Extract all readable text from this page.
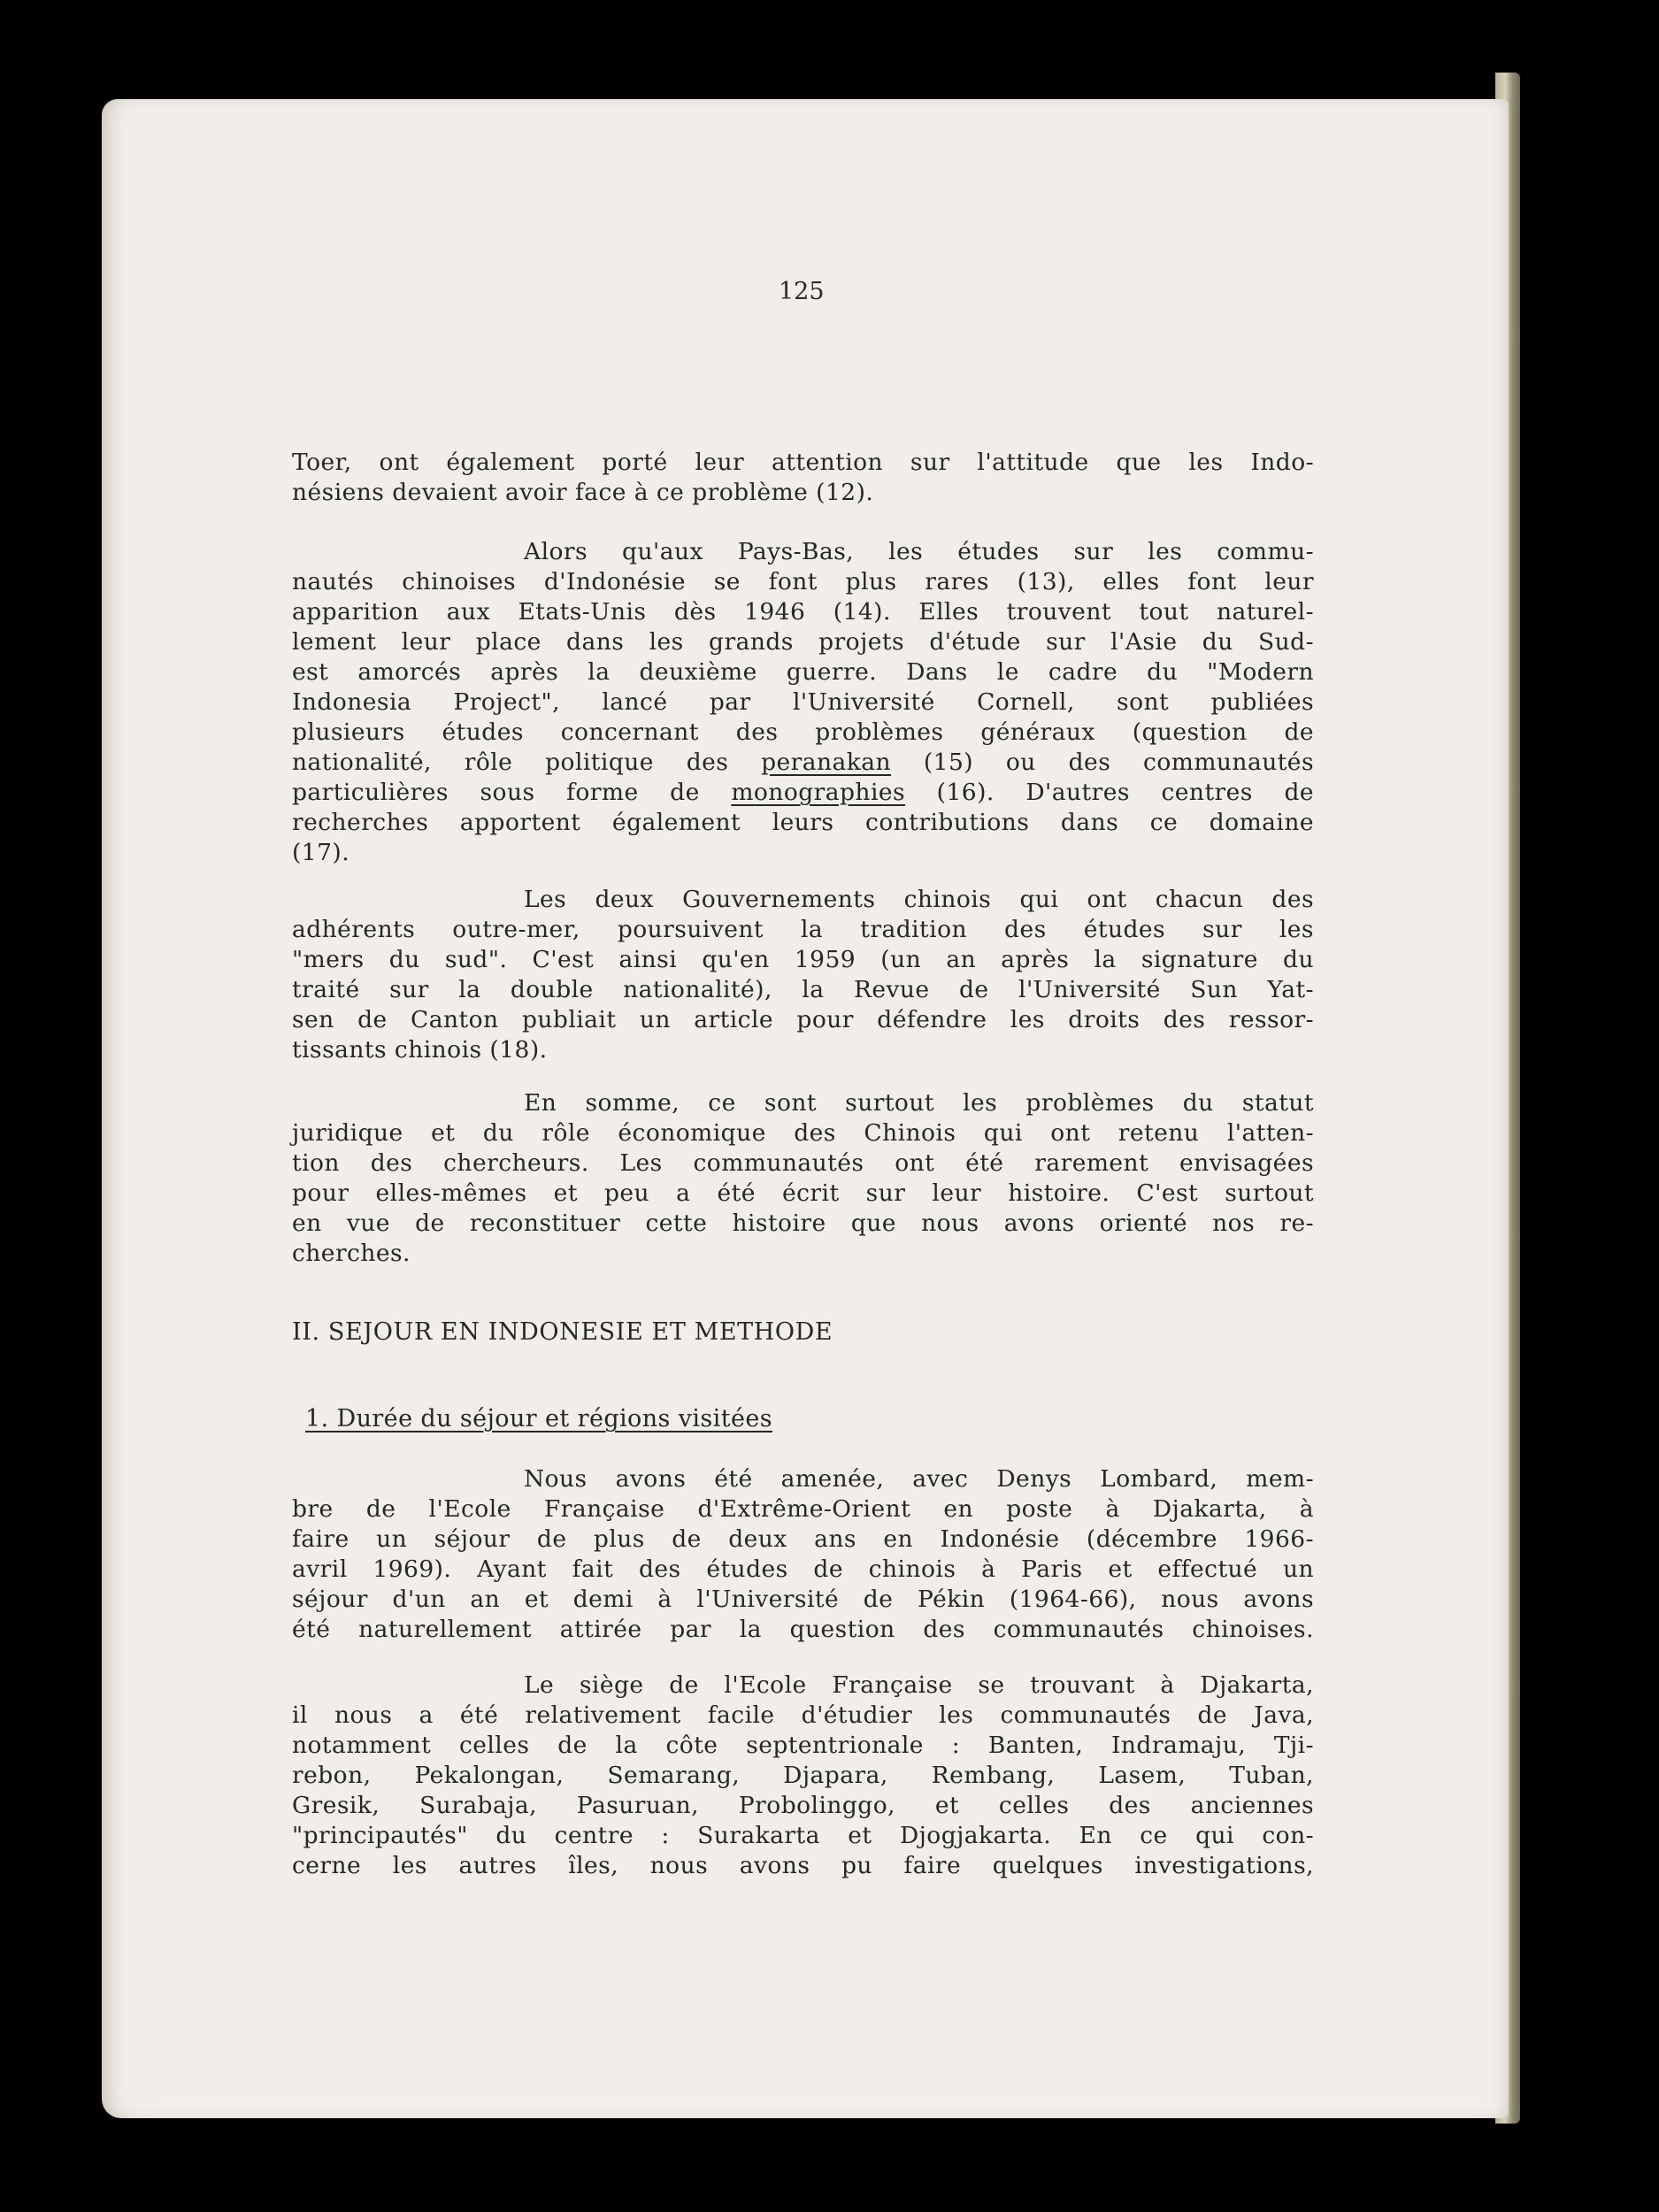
125
Toer, ont également porté leur attention sur l'attitude que les Indo-
nésiens devaient avoir face à ce problème (12).
Alors qu'aux Pays-Bas, les études sur les commu-
nautés chinoises d'Indonésie se font plus rares (13), elles font leur
apparition aux Etats-Unis dès 1946 (14). Elles trouvent tout naturel-
lement leur place dans les grands projets d'étude sur l'Asie du Sud-
est amorcés après la deuxième guerre. Dans le cadre du "Modern
Indonesia Project", lancé par l'Université Cornell, sont publiées
plusieurs études concernant des problèmes généraux (question de
nationalité, rôle politique des peranakan (15) ou des communautés
particulières sous forme de monographies (16). D'autres centres de
recherches apportent également leurs contributions dans ce domaine
(17).
Les deux Gouvernements chinois qui ont chacun des
adhérents outre-mer, poursuivent la tradition des études sur les
"mers du sud". C'est ainsi qu'en 1959 (un an après la signature du
traité sur la double nationalité), la Revue de l'Université Sun Yat-
sen de Canton publiait un article pour défendre les droits des ressor-
tissants chinois (18).
En somme, ce sont surtout les problèmes du statut
juridique et du rôle économique des Chinois qui ont retenu l'atten-
tion des chercheurs. Les communautés ont été rarement envisagées
pour elles-mêmes et peu a été écrit sur leur histoire. C'est surtout
en vue de reconstituer cette histoire que nous avons orienté nos re-
cherches.
II. SEJOUR EN INDONESIE ET METHODE
1. Durée du séjour et régions visitées
Nous avons été amenée, avec Denys Lombard, mem-
bre de l'Ecole Française d'Extrême-Orient en poste à Djakarta, à
faire un séjour de plus de deux ans en Indonésie (décembre 1966-
avril 1969). Ayant fait des études de chinois à Paris et effectué un
séjour d'un an et demi à l'Université de Pékin (1964-66), nous avons
été naturellement attirée par la question des communautés chinoises.
Le siège de l'Ecole Française se trouvant à Djakarta,
il nous a été relativement facile d'étudier les communautés de Java,
notamment celles de la côte septentrionale : Banten, Indramaju, Tji-
rebon, Pekalongan, Semarang, Djapara, Rembang, Lasem, Tuban,
Gresik, Surabaja, Pasuruan, Probolinggo, et celles des anciennes
"principautés" du centre : Surakarta et Djogjakarta. En ce qui con-
cerne les autres îles, nous avons pu faire quelques investigations,
